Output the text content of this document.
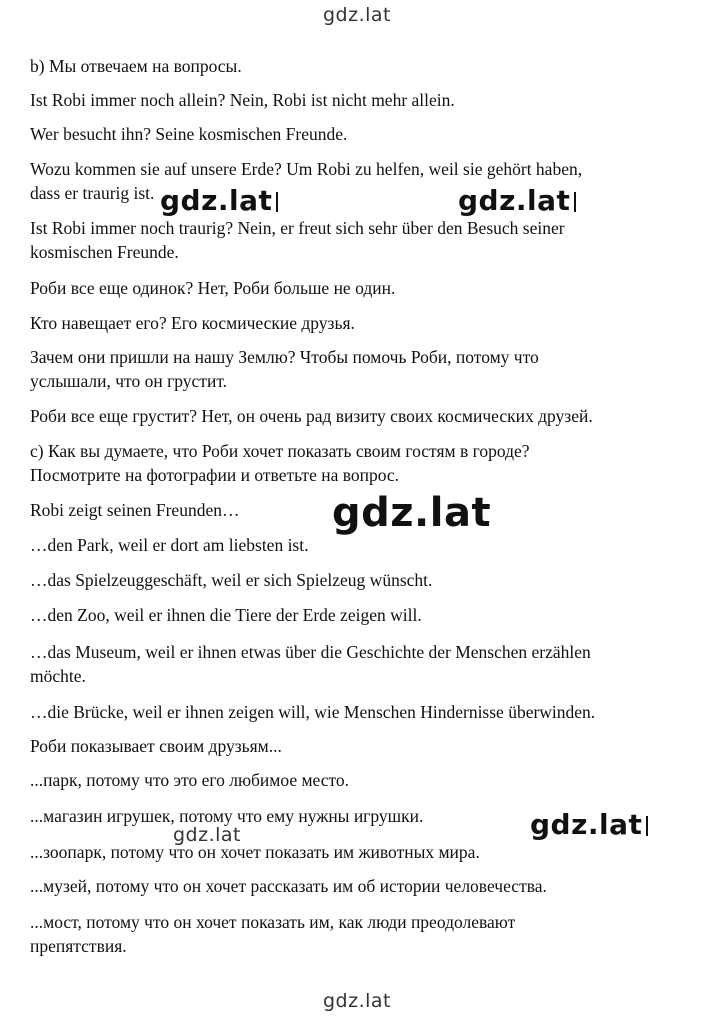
gdz.lat
b) Мы отвечаем на вопросы.
Ist Robi immer noch allein? Nein, Robi ist nicht mehr allein.
Wer besucht ihn? Seine kosmischen Freunde.
Wozu kommen sie auf unsere Erde? Um Robi zu helfen, weil sie gehört haben,
dass er traurig ist.
Ist Robi immer noch traurig? Nein, er freut sich sehr über den Besuch seiner
kosmischen Freunde.
Роби все еще одинок? Нет, Роби больше не один.
Кто навещает его? Его космические друзья.
Зачем они пришли на нашу Землю? Чтобы помочь Роби, потому что
услышали, что он грустит.
Роби все еще грустит? Нет, он очень рад визиту своих космических друзей.
c) Как вы думаете, что Роби хочет показать своим гостям в городе?
Посмотрите на фотографии и ответьте на вопрос.
Robi zeigt seinen Freunden…
…den Park, weil er dort am liebsten ist.
…das Spielzeuggeschäft, weil er sich Spielzeug wünscht.
…den Zoo, weil er ihnen die Tiere der Erde zeigen will.
…das Museum, weil er ihnen etwas über die Geschichte der Menschen erzählen
möchte.
…die Brücke, weil er ihnen zeigen will, wie Menschen Hindernisse überwinden.
Роби показывает своим друзьям...
...парк, потому что это его любимое место.
...магазин игрушек, потому что ему нужны игрушки.
...зоопарк, потому что он хочет показать им животных мира.
...музей, потому что он хочет рассказать им об истории человечества.
...мост, потому что он хочет показать им, как люди преодолевают
препятствия.
gdz.lat	gdz.lat
gdz.lat
gdz.lat
gdz.lat
gdz.lat
